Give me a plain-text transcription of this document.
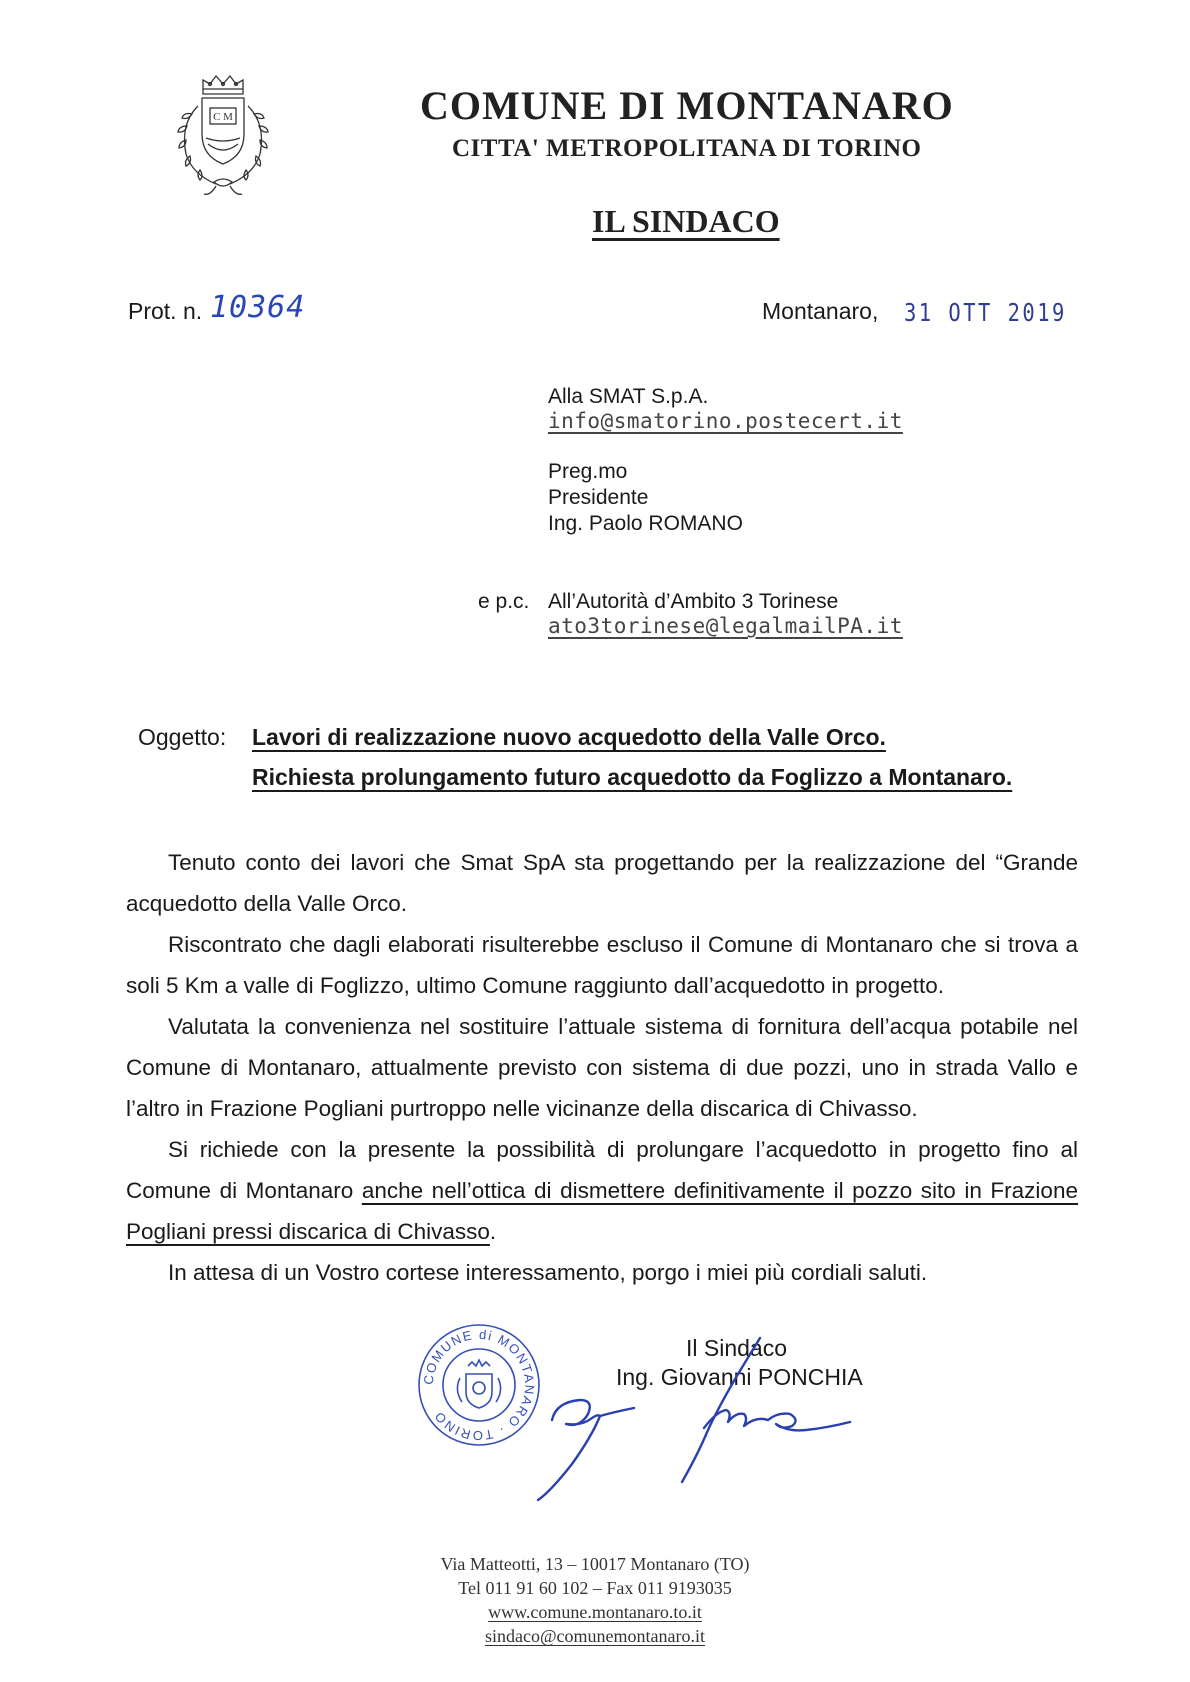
C M	COMUNE DI MONTANARO
CITTA' METROPOLITANA DI TORINO
IL SINDACO
Prot. n. 10364	Montanaro, 31 OTT 2019
Alla SMAT S.p.A.
info@smatorino.postecert.it
Preg.mo
Presidente
Ing. Paolo ROMANO
e p.c. All’Autorità d’Ambito 3 Torinese
ato3torinese@legalmailPA.it
Oggetto: Lavori di realizzazione nuovo acquedotto della Valle Orco.
Richiesta prolungamento futuro acquedotto da Foglizzo a Montanaro.

Tenuto conto dei lavori che Smat SpA sta progettando per la realizzazione del “Grande acquedotto della Valle Orco.

Riscontrato che dagli elaborati risulterebbe escluso il Comune di Montanaro che si trova a soli 5 Km a valle di Foglizzo, ultimo Comune raggiunto dall’acquedotto in progetto.

Valutata la convenienza nel sostituire l’attuale sistema di fornitura dell’acqua potabile nel Comune di Montanaro, attualmente previsto con sistema di due pozzi, uno in strada Vallo e l’altro in Frazione Pogliani purtroppo nelle vicinanze della discarica di Chivasso.

Si richiede con la presente la possibilità di prolungare l’acquedotto in progetto fino al Comune di Montanaro anche nell’ottica di dismettere definitivamente il pozzo sito in Frazione Pogliani pressi discarica di Chivasso.

In attesa di un Vostro cortese interessamento, porgo i miei più cordiali saluti.

COMUNE di MONTANARO · TORINO
Il Sindaco
Ing. Giovanni PONCHIA
Via Matteotti, 13 – 10017 Montanaro (TO)
Tel 011 91 60 102 – Fax 011 9193035
www.comune.montanaro.to.it
sindaco@comunemontanaro.it
